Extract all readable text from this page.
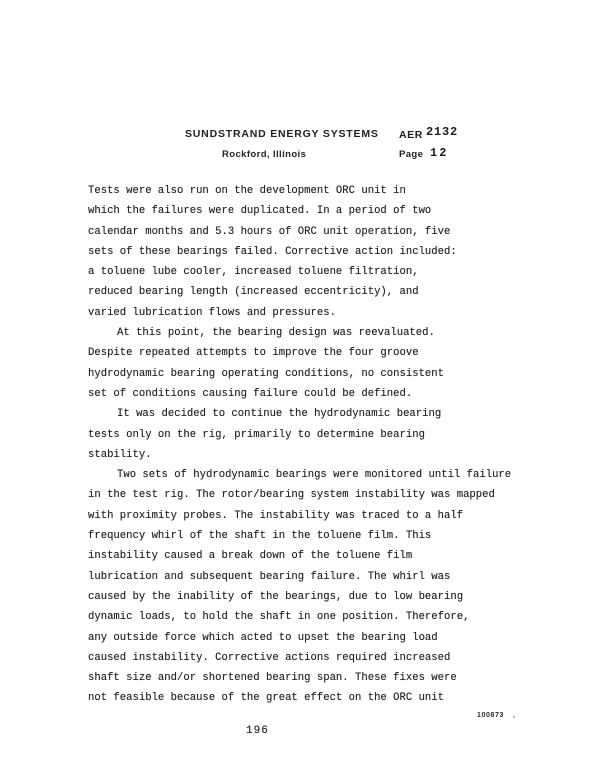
SUNDSTRAND ENERGY SYSTEMS
Rockford, Illinois
AER 2132
Page 12
Tests were also run on the development ORC unit in
which the failures were duplicated. In a period of two
calendar months and 5.3 hours of ORC unit operation, five
sets of these bearings failed. Corrective action included:
a toluene lube cooler, increased toluene filtration,
reduced bearing length (increased eccentricity), and
varied lubrication flows and pressures.
At this point, the bearing design was reevaluated.
Despite repeated attempts to improve the four groove
hydrodynamic bearing operating conditions, no consistent
set of conditions causing failure could be defined.
It was decided to continue the hydrodynamic bearing
tests only on the rig, primarily to determine bearing
stability.
Two sets of hydrodynamic bearings were monitored until failure
in the test rig. The rotor/bearing system instability was mapped
with proximity probes. The instability was traced to a half
frequency whirl of the shaft in the toluene film. This
instability caused a break down of the toluene film
lubrication and subsequent bearing failure. The whirl was
caused by the inability of the bearings, due to low bearing
dynamic loads, to hold the shaft in one position. Therefore,
any outside force which acted to upset the bearing load
caused instability. Corrective actions required increased
shaft size and/or shortened bearing span. These fixes were
not feasible because of the great effect on the ORC unit
100873 ,
196
